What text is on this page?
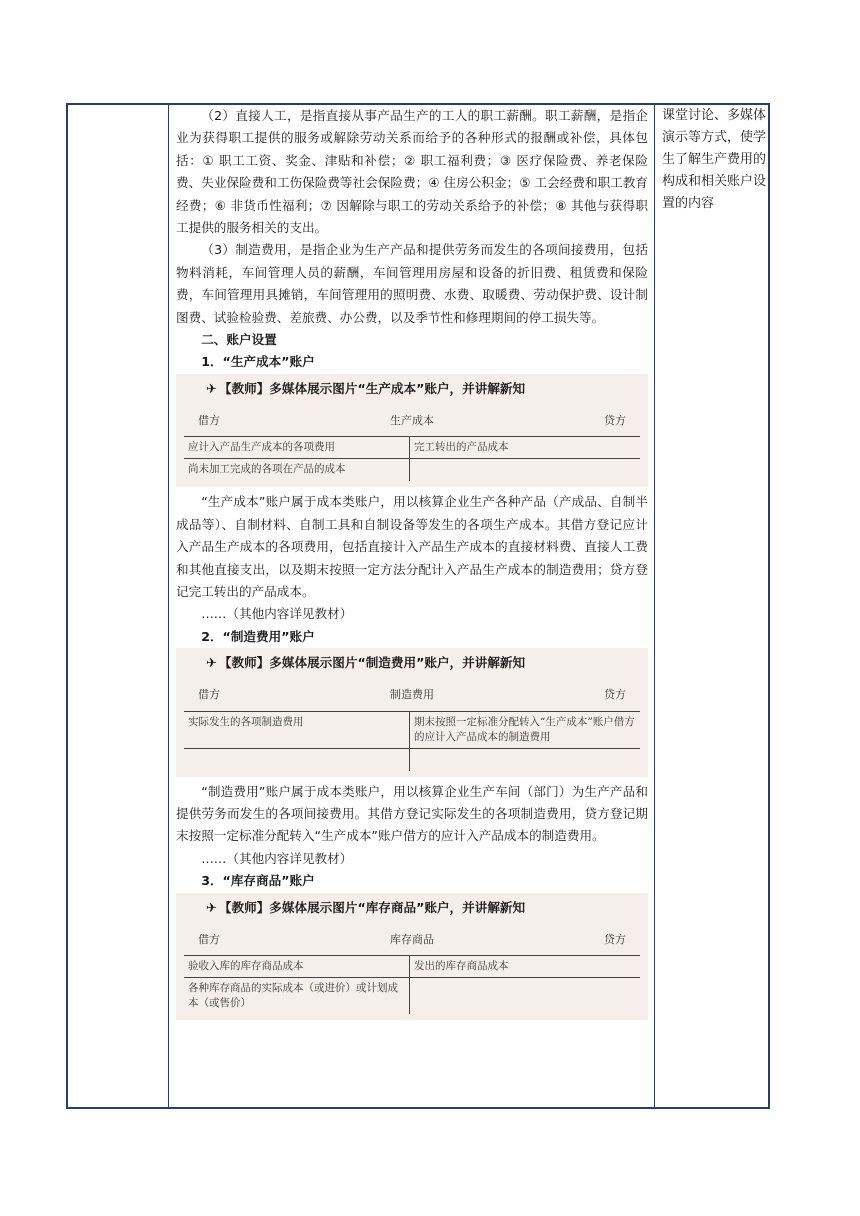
课堂讨论、多媒体演示等方式，使学生了解生产费用的构成和相关账户设置的内容

（2）直接人工，是指直接从事产品生产的工人的职工薪酬。职工薪酬，是指企业为获得职工提供的服务或解除劳动关系而给予的各种形式的报酬或补偿，具体包括：① 职工工资、奖金、津贴和补偿；② 职工福利费；③ 医疗保险费、养老保险费、失业保险费和工伤保险费等社会保险费；④ 住房公积金；⑤ 工会经费和职工教育经费；⑥ 非货币性福利；⑦ 因解除与职工的劳动关系给予的补偿；⑧ 其他与获得职工提供的服务相关的支出。

（3）制造费用，是指企业为生产产品和提供劳务而发生的各项间接费用，包括物料消耗，车间管理人员的薪酬，车间管理用房屋和设备的折旧费、租赁费和保险费，车间管理用具摊销，车间管理用的照明费、水费、取暖费、劳动保护费、设计制图费、试验检验费、差旅费、办公费，以及季节性和修理期间的停工损失等。

二、账户设置

1．“生产成本”账户

✈ 【教师】多媒体展示图片“生产成本”账户，并讲解新知
借方	生产成本	贷方
应计入产品生产成本的各项费用	完工转出的产品成本
尚未加工完成的各项在产品的成本

“生产成本”账户属于成本类账户，用以核算企业生产各种产品（产成品、自制半成品等）、自制材料、自制工具和自制设备等发生的各项生产成本。其借方登记应计入产品生产成本的各项费用，包括直接计入产品生产成本的直接材料费、直接人工费和其他直接支出，以及期末按照一定方法分配计入产品生产成本的制造费用；贷方登记完工转出的产品成本。

……（其他内容详见教材）

2．“制造费用”账户

✈ 【教师】多媒体展示图片“制造费用”账户，并讲解新知
借方	制造费用	贷方
实际发生的各项制造费用	期末按照一定标准分配转入“生产成本”账户借方的应计入产品成本的制造费用

“制造费用”账户属于成本类账户，用以核算企业生产车间（部门）为生产产品和提供劳务而发生的各项间接费用。其借方登记实际发生的各项制造费用，贷方登记期末按照一定标准分配转入“生产成本”账户借方的应计入产品成本的制造费用。

……（其他内容详见教材）

3．“库存商品”账户

✈ 【教师】多媒体展示图片“库存商品”账户，并讲解新知
借方	库存商品	贷方
验收入库的库存商品成本	发出的库存商品成本
各种库存商品的实际成本（或进价）或计划成本（或售价）
